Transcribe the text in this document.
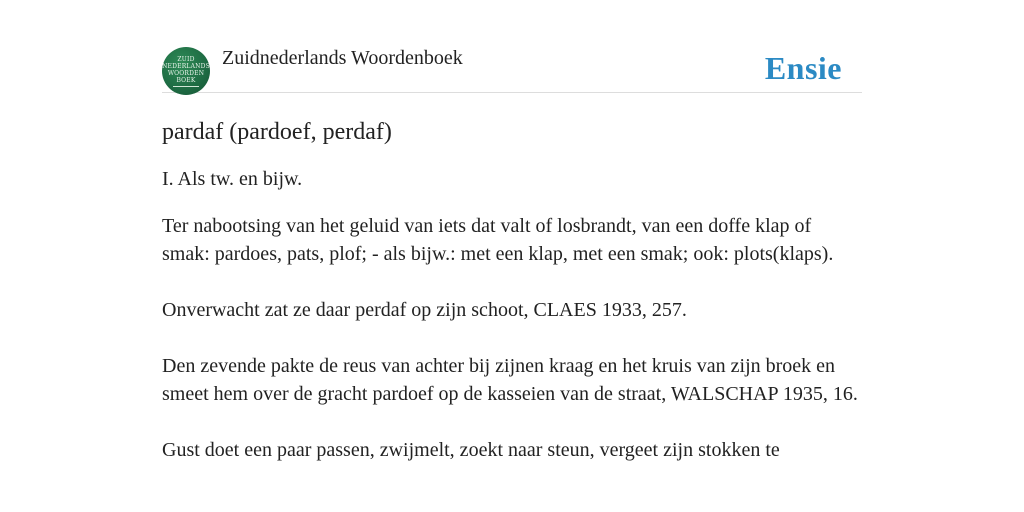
ZUID
NEDERLANDS
WOORDEN
BOEK
Zuidnederlands Woordenboek	Ensie
pardaf (pardoef, perdaf)

I. Als tw. en bijw.

Ter nabootsing van het geluid van iets dat valt of losbrandt, van een doffe klap of smak: pardoes, pats, plof; - als bijw.: met een klap, met een smak; ook: plots(klaps).

Onverwacht zat ze daar perdaf op zijn schoot, CLAES 1933, 257.

Den zevende pakte de reus van achter bij zijnen kraag en het kruis van zijn broek en smeet hem over de gracht pardoef op de kasseien van de straat, WALSCHAP 1935, 16.

Gust doet een paar passen, zwijmelt, zoekt naar steun, vergeet zijn stokken te
